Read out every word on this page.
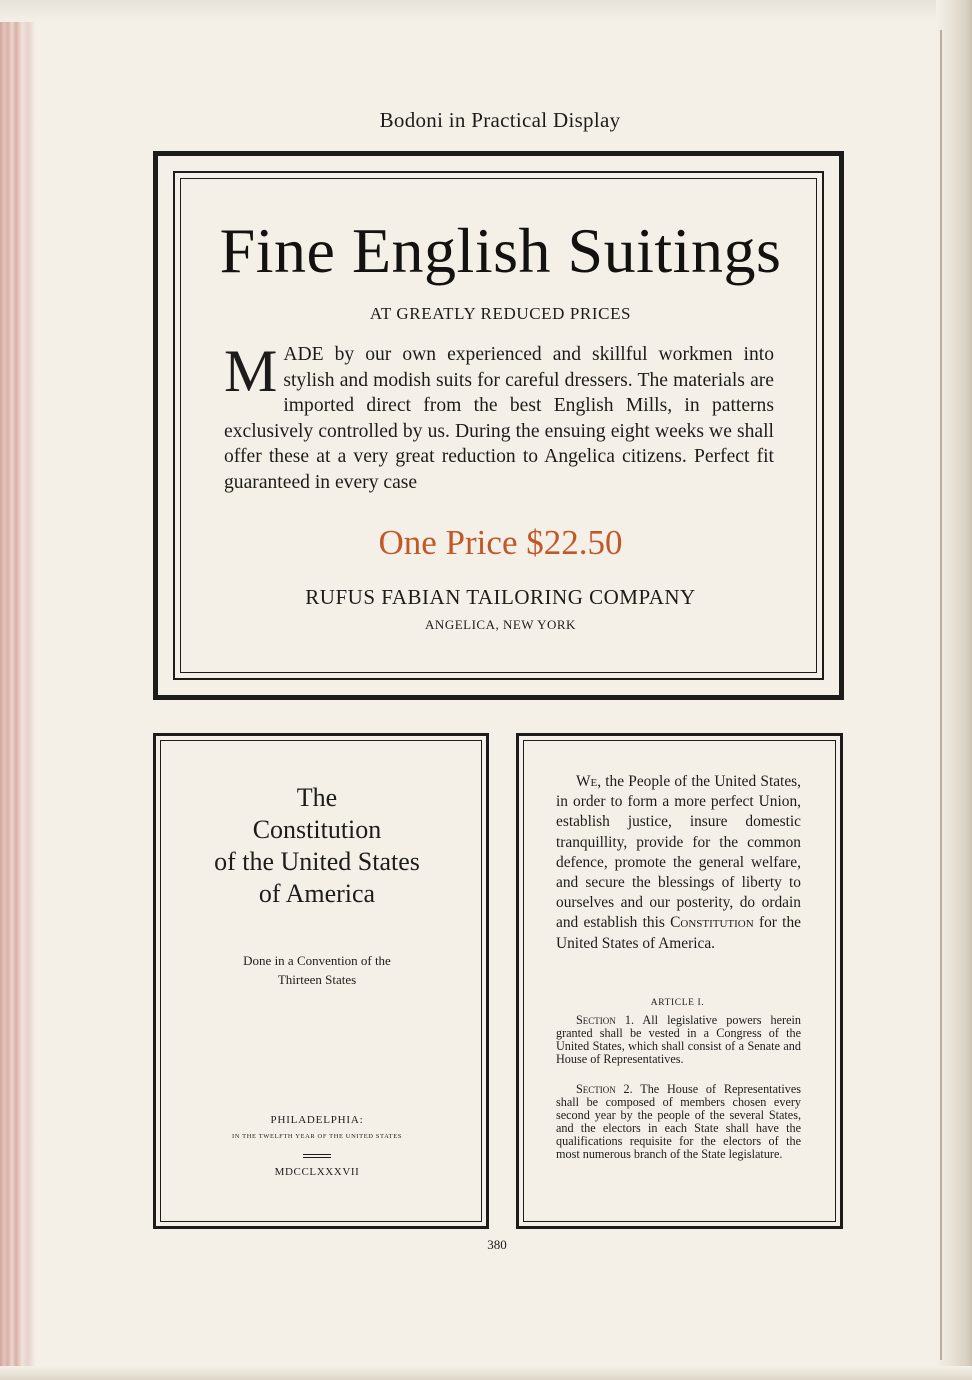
Bodoni in Practical Display
Fine English Suitings
AT GREATLY REDUCED PRICES
MADE by our own experienced and skillful workmen into stylish and modish suits for careful dressers. The materials are imported direct from the best English Mills, in patterns exclusively controlled by us. During the ensuing eight weeks we shall offer these at a very great reduction to Angelica citizens. Perfect fit guaranteed in every case
One Price $22.50
RUFUS FABIAN TAILORING COMPANY
ANGELICA, NEW YORK
The
Constitution
of the United States
of America
Done in a Convention of the
Thirteen States
PHILADELPHIA:
IN THE TWELFTH YEAR OF THE UNITED STATES
MDCCLXXXVII
We, the People of the United States, in order to form a more perfect Union, establish justice, insure domestic tranquillity, provide for the common defence, promote the general welfare, and secure the blessings of liberty to ourselves and our posterity, do ordain and establish this Constitution for the United States of America.
ARTICLE I.
Section 1. All legislative powers herein granted shall be vested in a Congress of the United States, which shall consist of a Senate and House of Representatives.
Section 2. The House of Representatives shall be composed of members chosen every second year by the people of the several States, and the electors in each State shall have the qualifications requisite for the electors of the most numerous branch of the State legislature.
380
